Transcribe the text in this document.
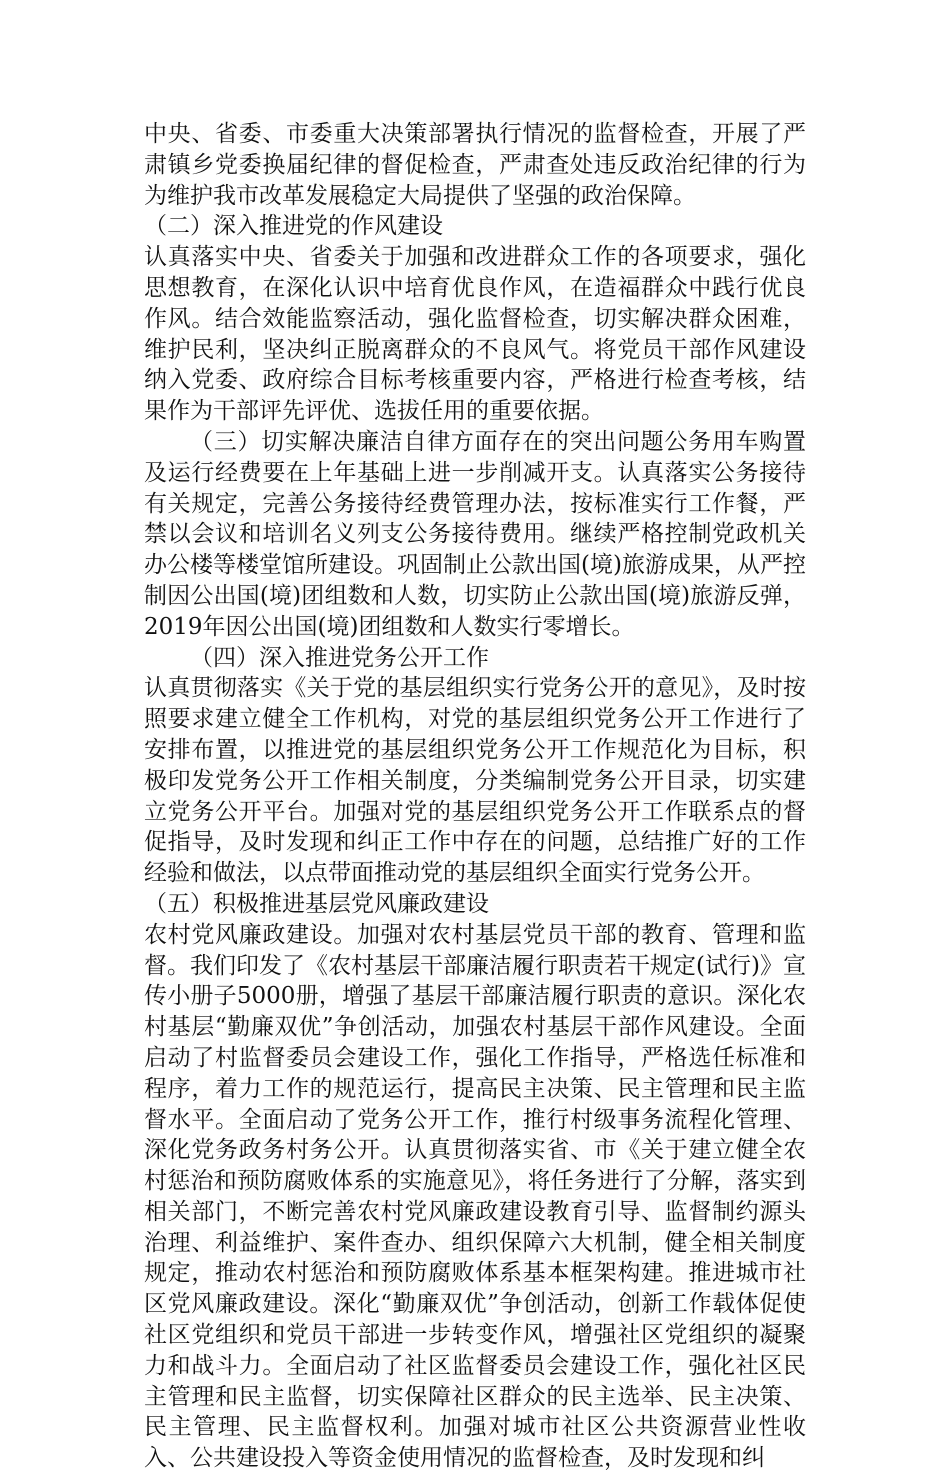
中央、省委、市委重大决策部署执行情况的监督检查，开展了严肃镇乡党委换届纪律的督促检查，严肃查处违反政治纪律的行为为维护我市改革发展稳定大局提供了坚强的政治保障。

（二）深入推进党的作风建设

认真落实中央、省委关于加强和改进群众工作的各项要求，强化思想教育，在深化认识中培育优良作风，在造福群众中践行优良作风。结合效能监察活动，强化监督检查，切实解决群众困难，维护民利，坚决纠正脱离群众的不良风气。将党员干部作风建设纳入党委、政府综合目标考核重要内容，严格进行检查考核，结果作为干部评先评优、选拔任用的重要依据。

（三）切实解决廉洁自律方面存在的突出问题公务用车购置及运行经费要在上年基础上进一步削减开支。认真落实公务接待有关规定，完善公务接待经费管理办法，按标准实行工作餐，严禁以会议和培训名义列支公务接待费用。继续严格控制党政机关办公楼等楼堂馆所建设。巩固制止公款出国(境)旅游成果，从严控制因公出国(境)团组数和人数，切实防止公款出国(境)旅游反弹，2019年因公出国(境)团组数和人数实行零增长。

（四）深入推进党务公开工作

认真贯彻落实《关于党的基层组织实行党务公开的意见》，及时按照要求建立健全工作机构，对党的基层组织党务公开工作进行了安排布置，以推进党的基层组织党务公开工作规范化为目标，积极印发党务公开工作相关制度，分类编制党务公开目录，切实建立党务公开平台。加强对党的基层组织党务公开工作联系点的督促指导，及时发现和纠正工作中存在的问题，总结推广好的工作经验和做法，以点带面推动党的基层组织全面实行党务公开。

（五）积极推进基层党风廉政建设

农村党风廉政建设。加强对农村基层党员干部的教育、管理和监督。我们印发了《农村基层干部廉洁履行职责若干规定(试行)》宣传小册子5000册，增强了基层干部廉洁履行职责的意识。深化农村基层“勤廉双优”争创活动，加强农村基层干部作风建设。全面启动了村监督委员会建设工作，强化工作指导，严格选任标准和程序，着力工作的规范运行，提高民主决策、民主管理和民主监督水平。全面启动了党务公开工作，推行村级事务流程化管理、深化党务政务村务公开。认真贯彻落实省、市《关于建立健全农村惩治和预防腐败体系的实施意见》，将任务进行了分解，落实到相关部门，不断完善农村党风廉政建设教育引导、监督制约源头治理、利益维护、案件查办、组织保障六大机制，健全相关制度规定，推动农村惩治和预防腐败体系基本框架构建。推进城市社区党风廉政建设。深化“勤廉双优”争创活动，创新工作载体促使社区党组织和党员干部进一步转变作风，增强社区党组织的凝聚力和战斗力。全面启动了社区监督委员会建设工作，强化社区民主管理和民主监督，切实保障社区群众的民主选举、民主决策、民主管理、民主监督权利。加强对城市社区公共资源营业性收入、公共建设投入等资金使用情况的监督检查，及时发现和纠
